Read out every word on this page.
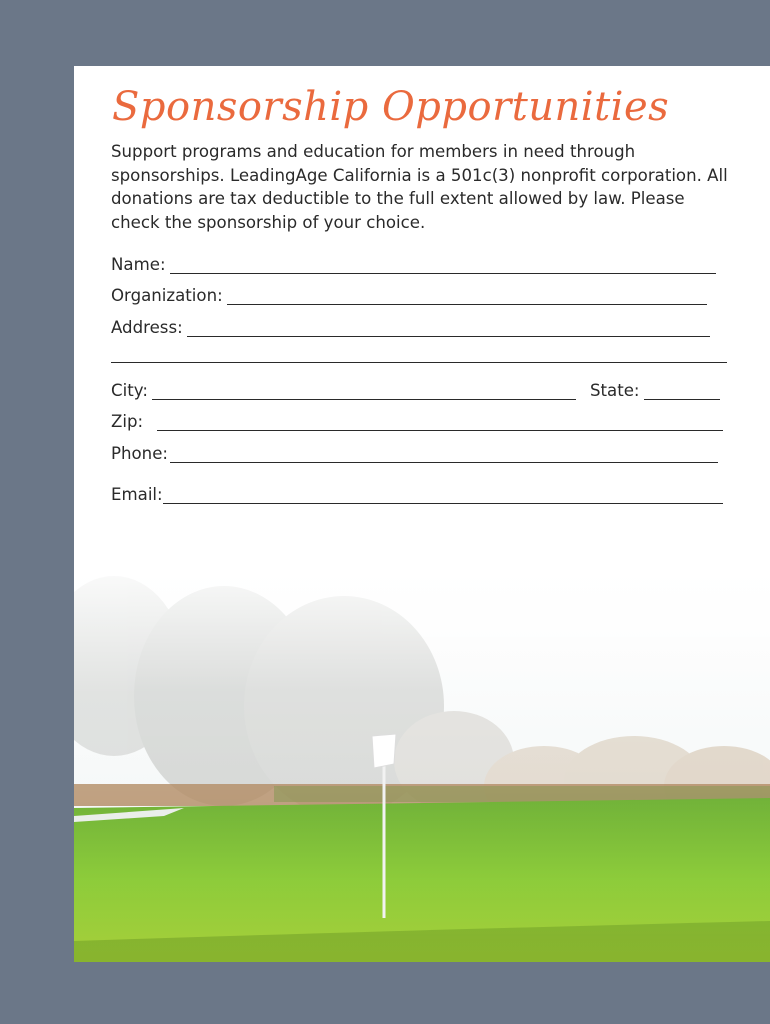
Sponsorship Opportunities
Support programs and education for members in need through sponsorships. LeadingAge California is a 501c(3) nonprofit corporation. All donations are tax deductible to the full extent allowed by law. Please check the sponsorship of your choice.
Name:
Organization:
Address:
City:	State:
Zip:
Phone:
Email:
